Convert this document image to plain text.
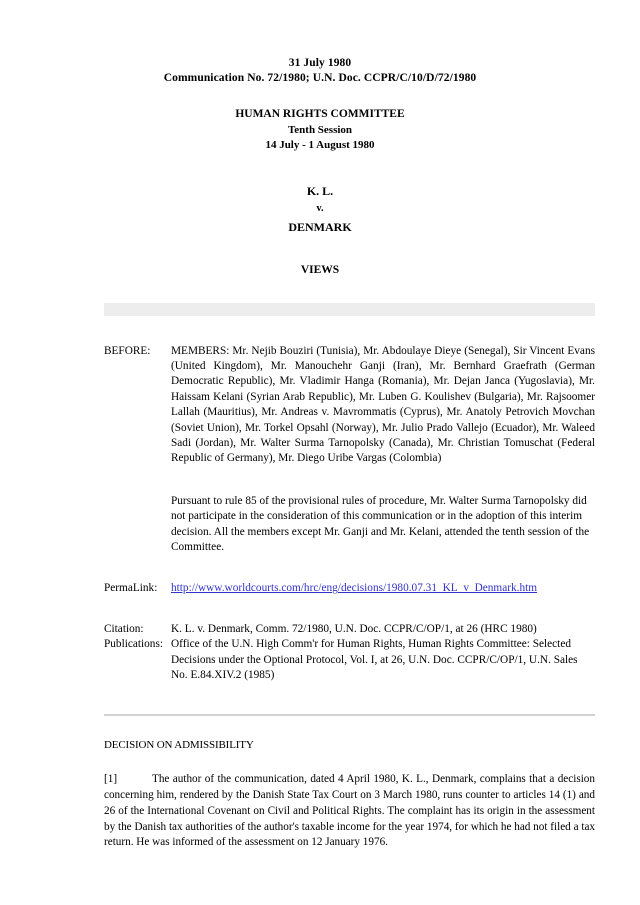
31 July 1980
Communication No. 72/1980; U.N. Doc. CCPR/C/10/D/72/1980
HUMAN RIGHTS COMMITTEE
Tenth Session
14 July - 1 August 1980
K. L.
v.
DENMARK
VIEWS
BEFORE:	MEMBERS: Mr. Nejib Bouziri (Tunisia), Mr. Abdoulaye Dieye (Senegal), Sir Vincent Evans (United Kingdom), Mr. Manouchehr Ganji (Iran), Mr. Bernhard Graefrath (German Democratic Republic), Mr. Vladimir Hanga (Romania), Mr. Dejan Janca (Yugoslavia), Mr. Haissam Kelani (Syrian Arab Republic), Mr. Luben G. Koulishev (Bulgaria), Mr. Rajsoomer Lallah (Mauritius), Mr. Andreas v. Mavrommatis (Cyprus), Mr. Anatoly Petrovich Movchan (Soviet Union), Mr. Torkel Opsahl (Norway), Mr. Julio Prado Vallejo (Ecuador), Mr. Waleed Sadi (Jordan), Mr. Walter Surma Tarnopolsky (Canada), Mr. Christian Tomuschat (Federal Republic of Germany), Mr. Diego Uribe Vargas (Colombia)
Pursuant to rule 85 of the provisional rules of procedure, Mr. Walter Surma Tarnopolsky did not participate in the consideration of this communication or in the adoption of this interim decision. All the members except Mr. Ganji and Mr. Kelani, attended the tenth session of the Committee.
PermaLink:	http://www.worldcourts.com/hrc/eng/decisions/1980.07.31_KL_v_Denmark.htm
Citation:	K. L. v. Denmark, Comm. 72/1980, U.N. Doc. CCPR/C/OP/1, at 26 (HRC 1980)
Publications: Office of the U.N. High Comm'r for Human Rights, Human Rights Committee: Selected Decisions under the Optional Protocol, Vol. I, at 26, U.N. Doc. CCPR/C/OP/1, U.N. Sales No. E.84.XIV.2 (1985)
DECISION ON ADMISSIBILITY
[1]	The author of the communication, dated 4 April 1980, K. L., Denmark, complains that a decision concerning him, rendered by the Danish State Tax Court on 3 March 1980, runs counter to articles 14 (1) and 26 of the International Covenant on Civil and Political Rights. The complaint has its origin in the assessment by the Danish tax authorities of the author's taxable income for the year 1974, for which he had not filed a tax return. He was informed of the assessment on 12 January 1976.
